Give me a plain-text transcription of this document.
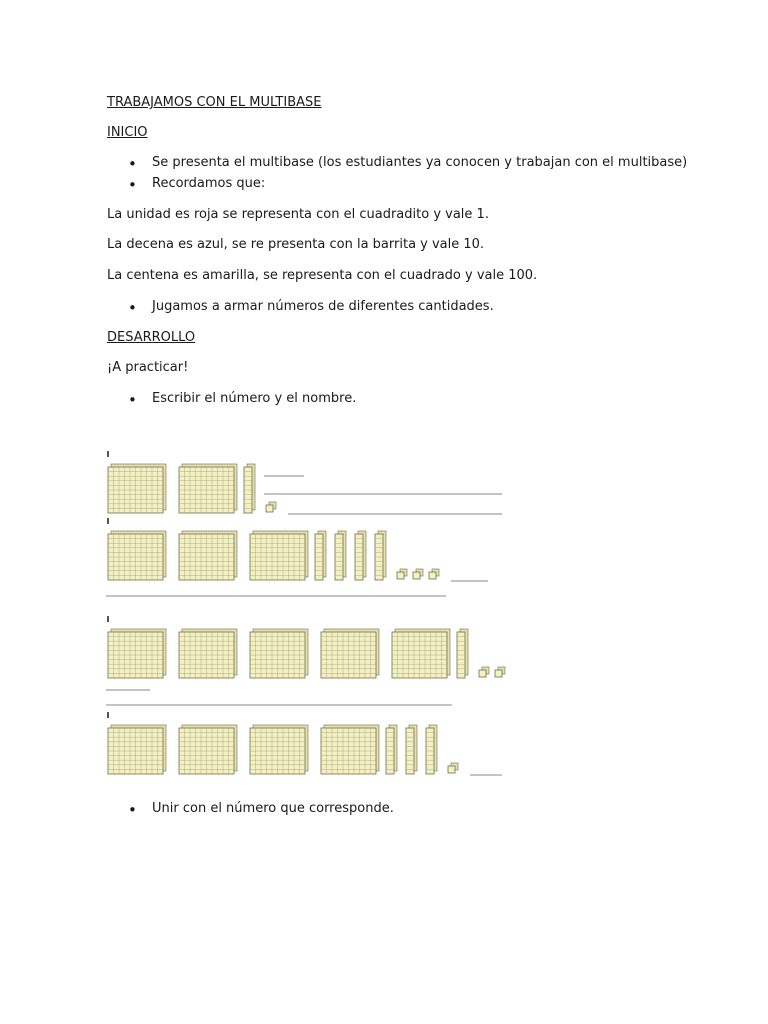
TRABAJAMOS CON EL MULTIBASE
INICIO
•
Se presenta el multibase (los estudiantes ya conocen y trabajan con el multibase)
•
Recordamos que:
La unidad es roja se representa con el cuadradito y vale 1.
La decena es azul, se re presenta con la barrita y vale 10.
La centena es amarilla, se representa con el cuadrado y vale 100.
•
Jugamos a armar números de diferentes cantidades.
DESARROLLO
¡A practicar!
•
Escribir el número y el nombre.
•
Unir con el número que corresponde.
